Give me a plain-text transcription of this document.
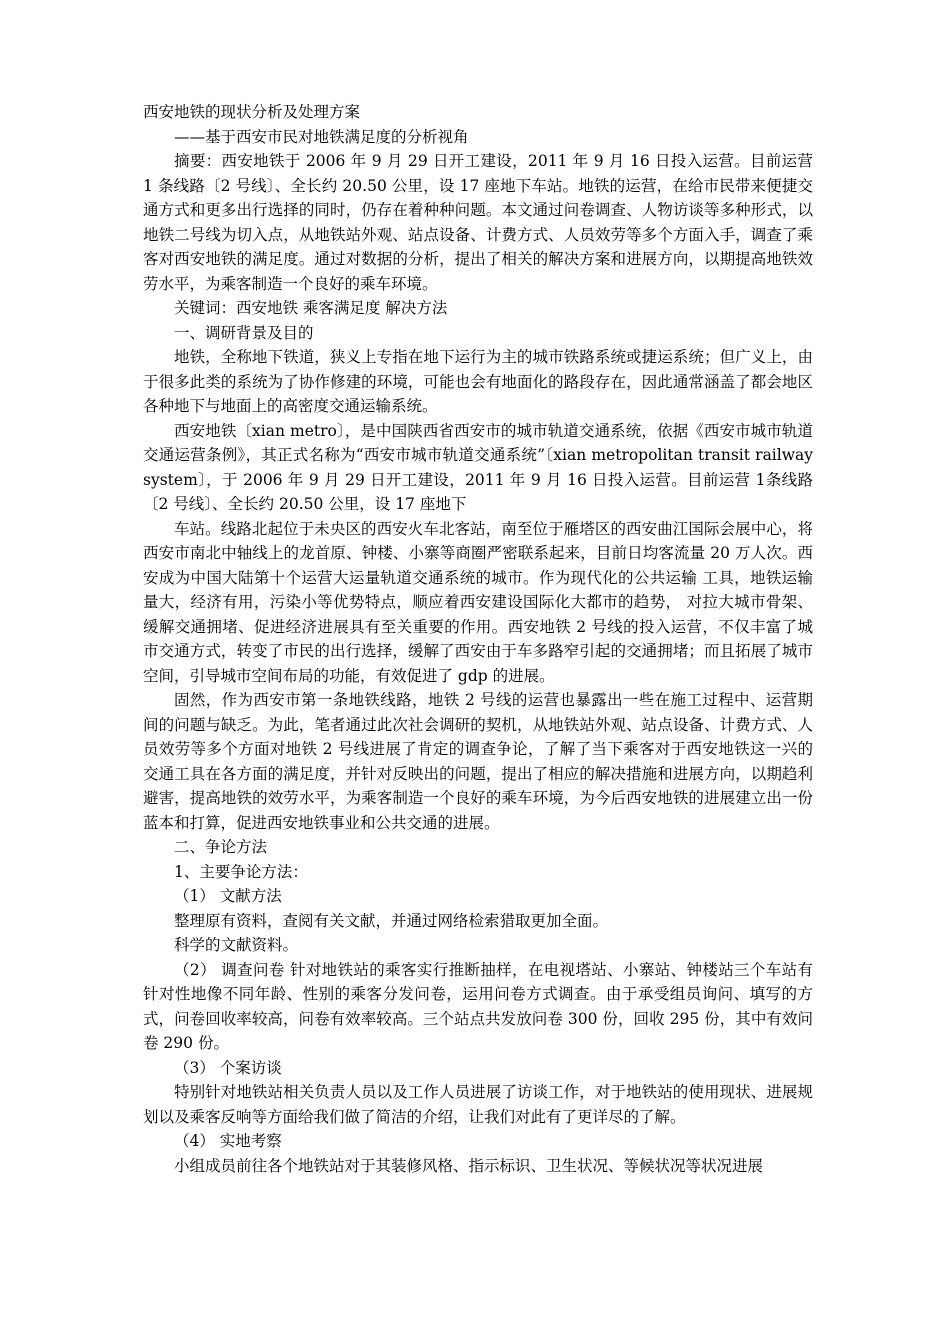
西安地铁的现状分析及处理方案

——基于西安市民对地铁满足度的分析视角

摘要：西安地铁于 2006 年 9 月 29 日开工建设，2011 年 9 月 16 日投入运营。目前运营 1 条线路〔2 号线〕、全长约 20.50 公里，设 17 座地下车站。地铁的运营，在给市民带来便捷交通方式和更多出行选择的同时，仍存在着种种问题。本文通过问卷调查、人物访谈等多种形式，以地铁二号线为切入点，从地铁站外观、站点设备、计费方式、人员效劳等多个方面入手，调查了乘客对西安地铁的满足度。通过对数据的分析，提出了相关的解决方案和进展方向，以期提高地铁效劳水平，为乘客制造一个良好的乘车环境。

关键词：西安地铁 乘客满足度 解决方法

一、调研背景及目的

地铁，全称地下铁道，狭义上专指在地下运行为主的城市铁路系统或捷运系统；但广义上，由于很多此类的系统为了协作修建的环境，可能也会有地面化的路段存在，因此通常涵盖了都会地区各种地下与地面上的高密度交通运输系统。

西安地铁〔xian metro〕，是中国陕西省西安市的城市轨道交通系统，依据《西安市城市轨道交通运营条例》，其正式名称为“西安市城市轨道交通系统”〔xian metropolitan transit railway system〕，于 2006 年 9 月 29 日开工建设，2011 年 9 月 16 日投入运营。目前运营 1条线路〔2 号线〕、全长约 20.50 公里，设 17 座地下

车站。线路北起位于未央区的西安火车北客站，南至位于雁塔区的西安曲江国际会展中心，将西安市南北中轴线上的龙首原、钟楼、小寨等商圈严密联系起来，目前日均客流量 20 万人次。西安成为中国大陆第十个运营大运量轨道交通系统的城市。作为现代化的公共运输 工具，地铁运输量大，经济有用，污染小等优势特点，顺应着西安建设国际化大都市的趋势， 对拉大城市骨架、缓解交通拥堵、促进经济进展具有至关重要的作用。西安地铁 2 号线的投入运营，不仅丰富了城市交通方式，转变了市民的出行选择，缓解了西安由于车多路窄引起的交通拥堵；而且拓展了城市空间，引导城市空间布局的功能，有效促进了 gdp 的进展。

固然，作为西安市第一条地铁线路，地铁 2 号线的运营也暴露出一些在施工过程中、运营期间的问题与缺乏。为此，笔者通过此次社会调研的契机，从地铁站外观、站点设备、计费方式、人员效劳等多个方面对地铁 2 号线进展了肯定的调查争论，了解了当下乘客对于西安地铁这一兴的交通工具在各方面的满足度，并针对反映出的问题，提出了相应的解决措施和进展方向，以期趋利避害，提高地铁的效劳水平，为乘客制造一个良好的乘车环境，为今后西安地铁的进展建立出一份蓝本和打算，促进西安地铁事业和公共交通的进展。

二、争论方法

1、主要争论方法：

（1） 文献方法

整理原有资料，查阅有关文献，并通过网络检索猎取更加全面。

科学的文献资料。

（2） 调查问卷 针对地铁站的乘客实行推断抽样，在电视塔站、小寨站、钟楼站三个车站有针对性地像不同年龄、性别的乘客分发问卷，运用问卷方式调查。由于承受组员询问、填写的方式，问卷回收率较高，问卷有效率较高。三个站点共发放问卷 300 份，回收 295 份，其中有效问卷 290 份。

（3） 个案访谈

特别针对地铁站相关负责人员以及工作人员进展了访谈工作，对于地铁站的使用现状、进展规划以及乘客反响等方面给我们做了简洁的介绍，让我们对此有了更详尽的了解。

（4） 实地考察

小组成员前往各个地铁站对于其装修风格、指示标识、卫生状况、等候状况等状况进展
